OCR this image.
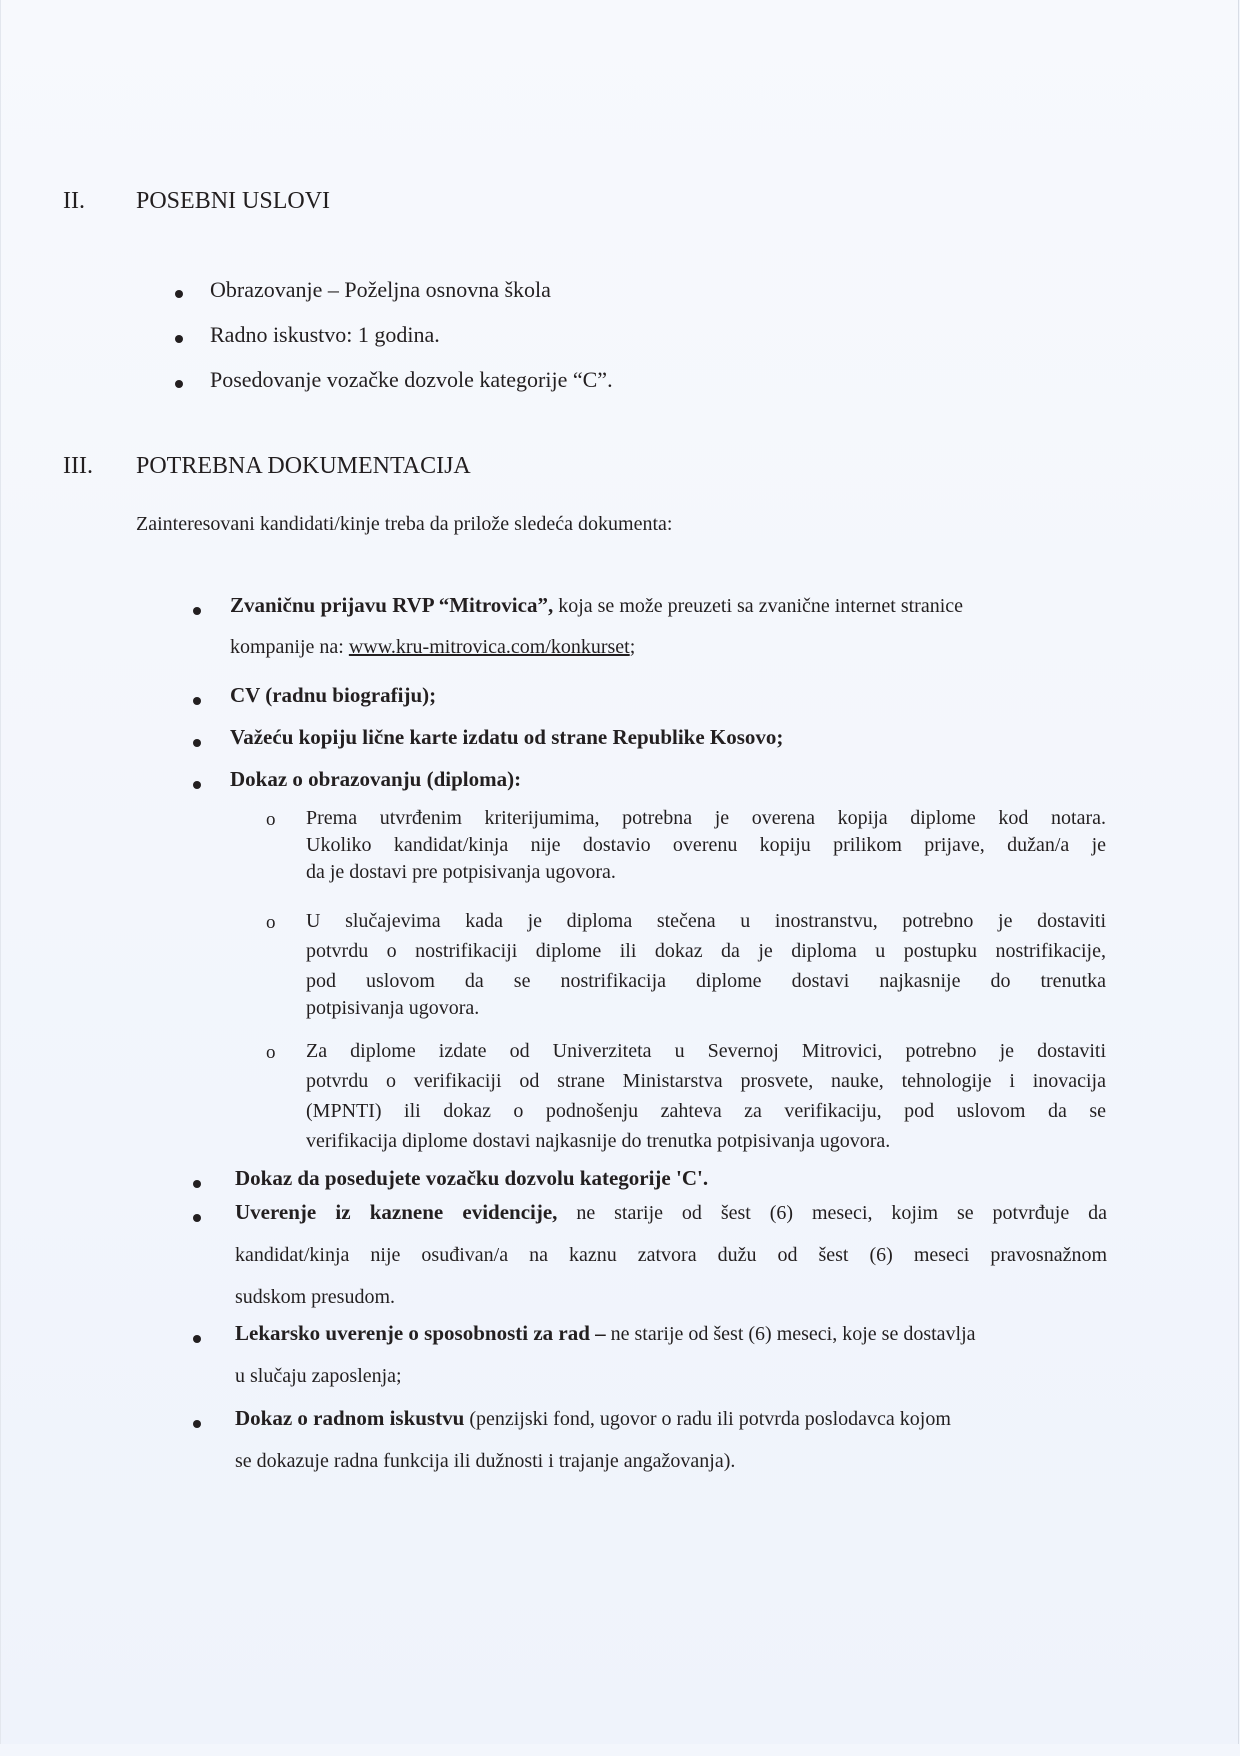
II. POSEBNI USLOVI
Obrazovanje – Poželjna osnovna škola
Radno iskustvo: 1 godina.
Posedovanje vozačke dozvole kategorije “C”.
III. POTREBNA DOKUMENTACIJA
Zainteresovani kandidati/kinje treba da prilože sledeća dokumenta:
Zvaničnu prijavu RVP “Mitrovica”, koja se može preuzeti sa zvanične internet stranice
kompanije na: www.kru-mitrovica.com/konkurset;
CV (radnu biografiju);
Važeću kopiju lične karte izdatu od strane Republike Kosovo;
Dokaz o obrazovanju (diploma):
o Prema utvrđenim kriterijumima, potrebna je overena kopija diplome kod notara.
Ukoliko kandidat/kinja nije dostavio overenu kopiju prilikom prijave, dužan/a je
da je dostavi pre potpisivanja ugovora.
o U slučajevima kada je diploma stečena u inostranstvu, potrebno je dostaviti
potvrdu o nostrifikaciji diplome ili dokaz da je diploma u postupku nostrifikacije,
pod uslovom da se nostrifikacija diplome dostavi najkasnije do trenutka
potpisivanja ugovora.
o Za diplome izdate od Univerziteta u Severnoj Mitrovici, potrebno je dostaviti
potvrdu o verifikaciji od strane Ministarstva prosvete, nauke, tehnologije i inovacija
(MPNTI) ili dokaz o podnošenju zahteva za verifikaciju, pod uslovom da se
verifikacija diplome dostavi najkasnije do trenutka potpisivanja ugovora.
Dokaz da posedujete vozačku dozvolu kategorije 'C'.
Uverenje iz kaznene evidencije, ne starije od šest (6) meseci, kojim se potvrđuje da
kandidat/kinja nije osuđivan/a na kaznu zatvora dužu od šest (6) meseci pravosnažnom
sudskom presudom.
Lekarsko uverenje o sposobnosti za rad – ne starije od šest (6) meseci, koje se dostavlja
u slučaju zaposlenja;
Dokaz o radnom iskustvu (penzijski fond, ugovor o radu ili potvrda poslodavca kojom
se dokazuje radna funkcija ili dužnosti i trajanje angažovanja).
